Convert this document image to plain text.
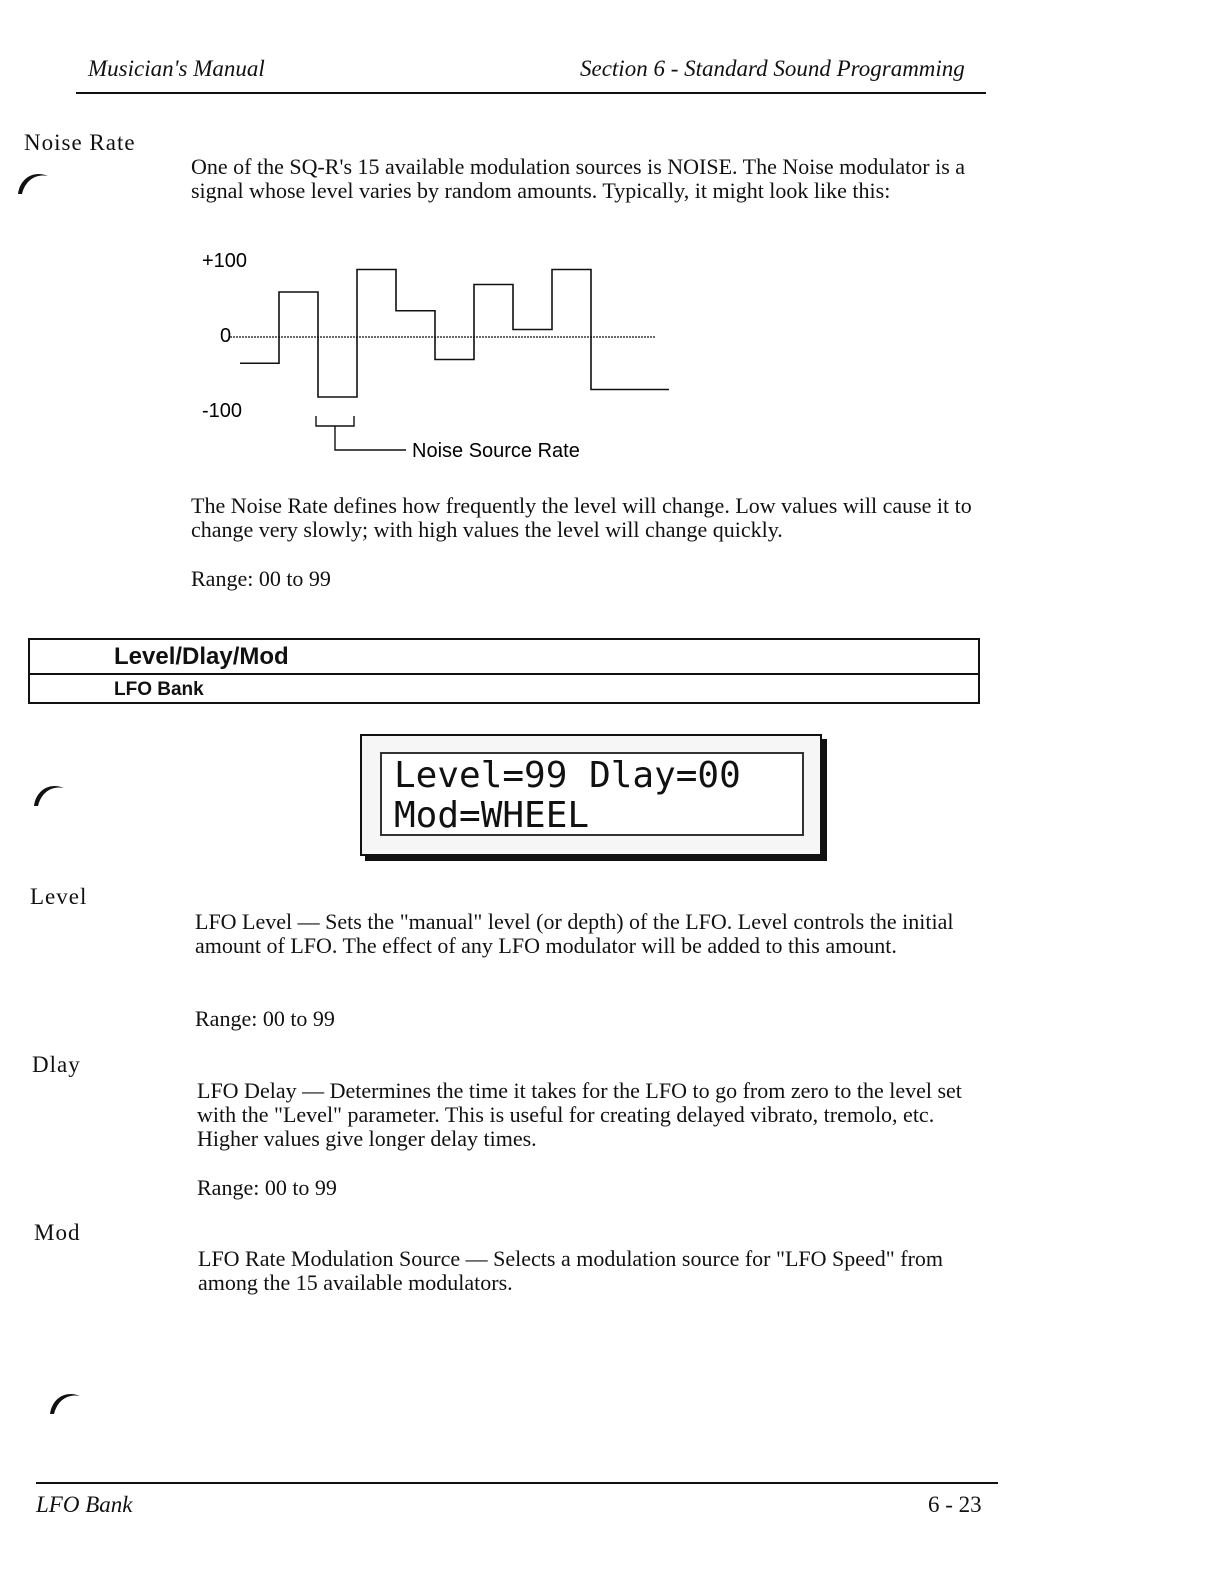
Musician's Manual	Section 6 - Standard Sound Programming
Noise Rate

One of the SQ-R's 15 available modulation sources is NOISE. The Noise modulator is a signal whose level varies by random amounts. Typically, it might look like this:

+100
0
-100
Noise Source Rate

The Noise Rate defines how frequently the level will change. Low values will cause it to change very slowly; with high values the level will change quickly.

Range: 00 to 99
Level/Dlay/Mod
LFO Bank
Level=99 Dlay=00
Mod=WHEEL
Level

LFO Level — Sets the "manual" level (or depth) of the LFO. Level controls the initial amount of LFO. The effect of any LFO modulator will be added to this amount.

Range: 00 to 99
Dlay

LFO Delay — Determines the time it takes for the LFO to go from zero to the level set with the "Level" parameter. This is useful for creating delayed vibrato, tremolo, etc. Higher values give longer delay times.

Range: 00 to 99
Mod

LFO Rate Modulation Source — Selects a modulation source for "LFO Speed" from among the 15 available modulators.

LFO Bank	6 - 23
